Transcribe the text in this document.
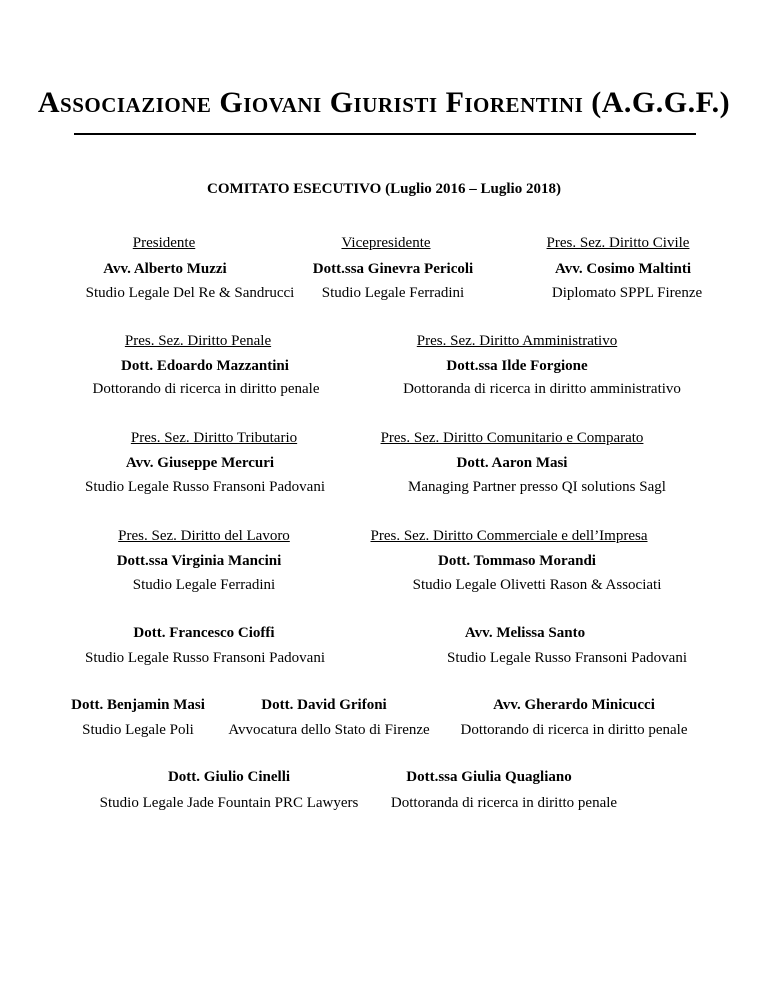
Associazione Giovani Giuristi Fiorentini (A.G.G.F.)
COMITATO ESECUTIVO (Luglio 2016 – Luglio 2018)
Presidente
Avv. Alberto Muzzi
Studio Legale Del Re & Sandrucci
Vicepresidente
Dott.ssa Ginevra Pericoli
Studio Legale Ferradini
Pres. Sez. Diritto Civile
Avv. Cosimo Maltinti
Diplomato SPPL Firenze
Pres. Sez. Diritto Penale
Dott. Edoardo Mazzantini
Dottorando di ricerca in diritto penale
Pres. Sez. Diritto Amministrativo
Dott.ssa Ilde Forgione
Dottoranda di ricerca in diritto amministrativo
Pres. Sez. Diritto Tributario
Avv. Giuseppe Mercuri
Studio Legale Russo Fransoni Padovani
Pres. Sez. Diritto Comunitario e Comparato
Dott. Aaron Masi
Managing Partner presso QI solutions Sagl
Pres. Sez. Diritto del Lavoro
Dott.ssa Virginia Mancini
Studio Legale Ferradini
Pres. Sez. Diritto Commerciale e dell’Impresa
Dott. Tommaso Morandi
Studio Legale Olivetti Rason & Associati
Dott. Francesco Cioffi
Studio Legale Russo Fransoni Padovani
Avv. Melissa Santo
Studio Legale Russo Fransoni Padovani
Dott. Benjamin Masi
Studio Legale Poli
Dott. David Grifoni
Avvocatura dello Stato di Firenze
Avv. Gherardo Minicucci
Dottorando di ricerca in diritto penale
Dott. Giulio Cinelli
Studio Legale Jade Fountain PRC Lawyers
Dott.ssa Giulia Quagliano
Dottoranda di ricerca in diritto penale
